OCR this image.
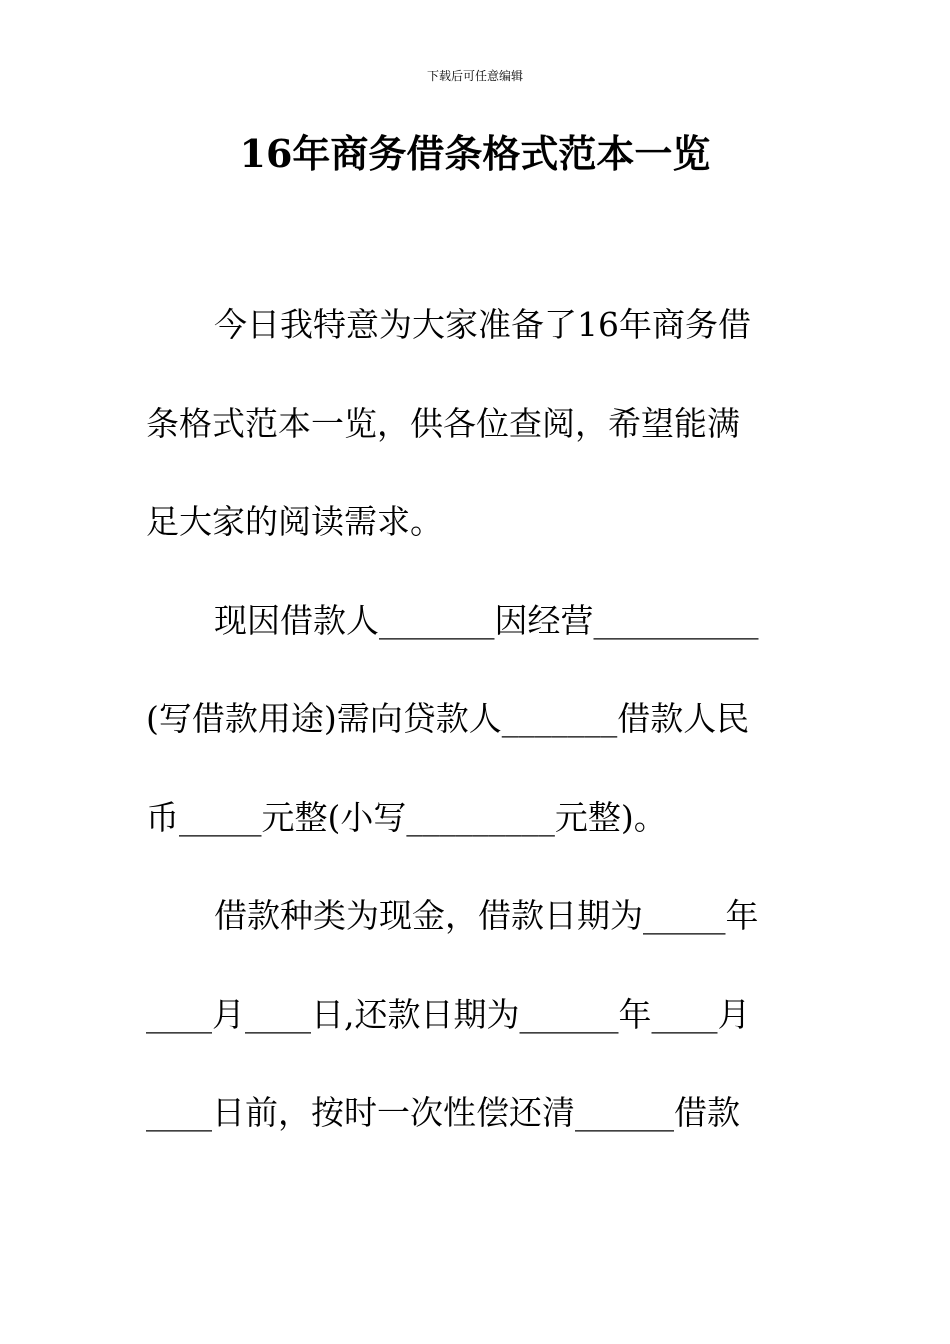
下载后可任意编辑
16年商务借条格式范本一览
今日我特意为大家准备了16年商务借
条格式范本一览，供各位查阅，希望能满
足大家的阅读需求。
现因借款人_______因经营__________
(写借款用途)需向贷款人_______借款人民
币_____元整(小写_________元整)。
借款种类为现金，借款日期为_____年
____月____日,还款日期为______年____月
____日前，按时一次性偿还清______借款
